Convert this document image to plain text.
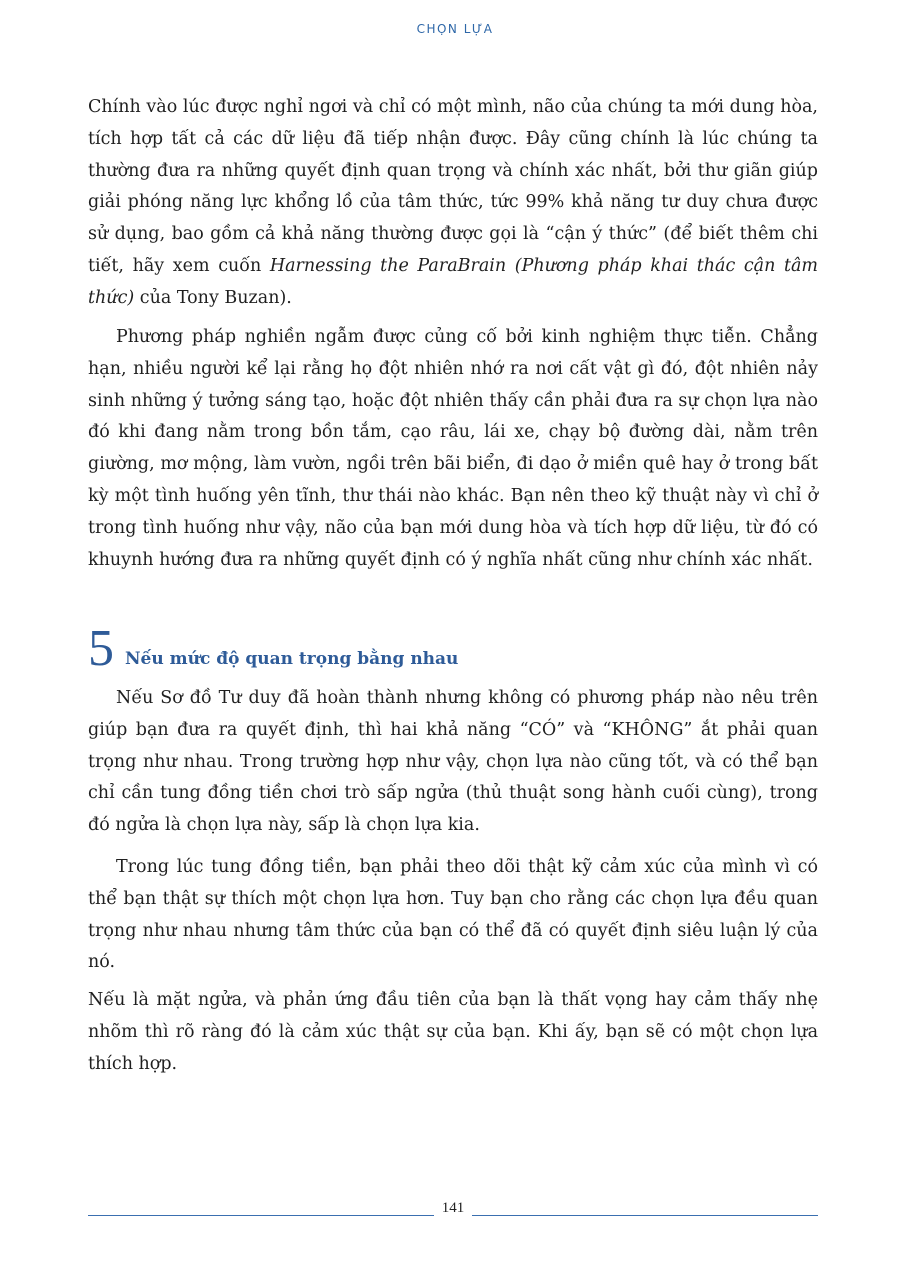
CHỌN LỰA

Chính vào lúc được nghỉ ngơi và chỉ có một mình, não của chúng ta mới dung hòa, tích hợp tất cả các dữ liệu đã tiếp nhận được. Đây cũng chính là lúc chúng ta thường đưa ra những quyết định quan trọng và chính xác nhất, bởi thư giãn giúp giải phóng năng lực khổng lồ của tâm thức, tức 99% khả năng tư duy chưa được sử dụng, bao gồm cả khả năng thường được gọi là “cận ý thức” (để biết thêm chi tiết, hãy xem cuốn Harnessing the ParaBrain (Phương pháp khai thác cận tâm thức) của Tony Buzan).

Phương pháp nghiền ngẫm được củng cố bởi kinh nghiệm thực tiễn. Chẳng hạn, nhiều người kể lại rằng họ đột nhiên nhớ ra nơi cất vật gì đó, đột nhiên nảy sinh những ý tưởng sáng tạo, hoặc đột nhiên thấy cần phải đưa ra sự chọn lựa nào đó khi đang nằm trong bồn tắm, cạo râu, lái xe, chạy bộ đường dài, nằm trên giường, mơ mộng, làm vườn, ngồi trên bãi biển, đi dạo ở miền quê hay ở trong bất kỳ một tình huống yên tĩnh, thư thái nào khác. Bạn nên theo kỹ thuật này vì chỉ ở trong tình huống như vậy, não của bạn mới dung hòa và tích hợp dữ liệu, từ đó có khuynh hướng đưa ra những quyết định có ý nghĩa nhất cũng như chính xác nhất.

5 Nếu mức độ quan trọng bằng nhau

Nếu Sơ đồ Tư duy đã hoàn thành nhưng không có phương pháp nào nêu trên giúp bạn đưa ra quyết định, thì hai khả năng “CÓ” và “KHÔNG” ắt phải quan trọng như nhau. Trong trường hợp như vậy, chọn lựa nào cũng tốt, và có thể bạn chỉ cần tung đồng tiền chơi trò sấp ngửa (thủ thuật song hành cuối cùng), trong đó ngửa là chọn lựa này, sấp là chọn lựa kia.

Trong lúc tung đồng tiền, bạn phải theo dõi thật kỹ cảm xúc của mình vì có thể bạn thật sự thích một chọn lựa hơn. Tuy bạn cho rằng các chọn lựa đều quan trọng như nhau nhưng tâm thức của bạn có thể đã có quyết định siêu luận lý của nó.

Nếu là mặt ngửa, và phản ứng đầu tiên của bạn là thất vọng hay cảm thấy nhẹ nhõm thì rõ ràng đó là cảm xúc thật sự của bạn. Khi ấy, bạn sẽ có một chọn lựa thích hợp.

141
